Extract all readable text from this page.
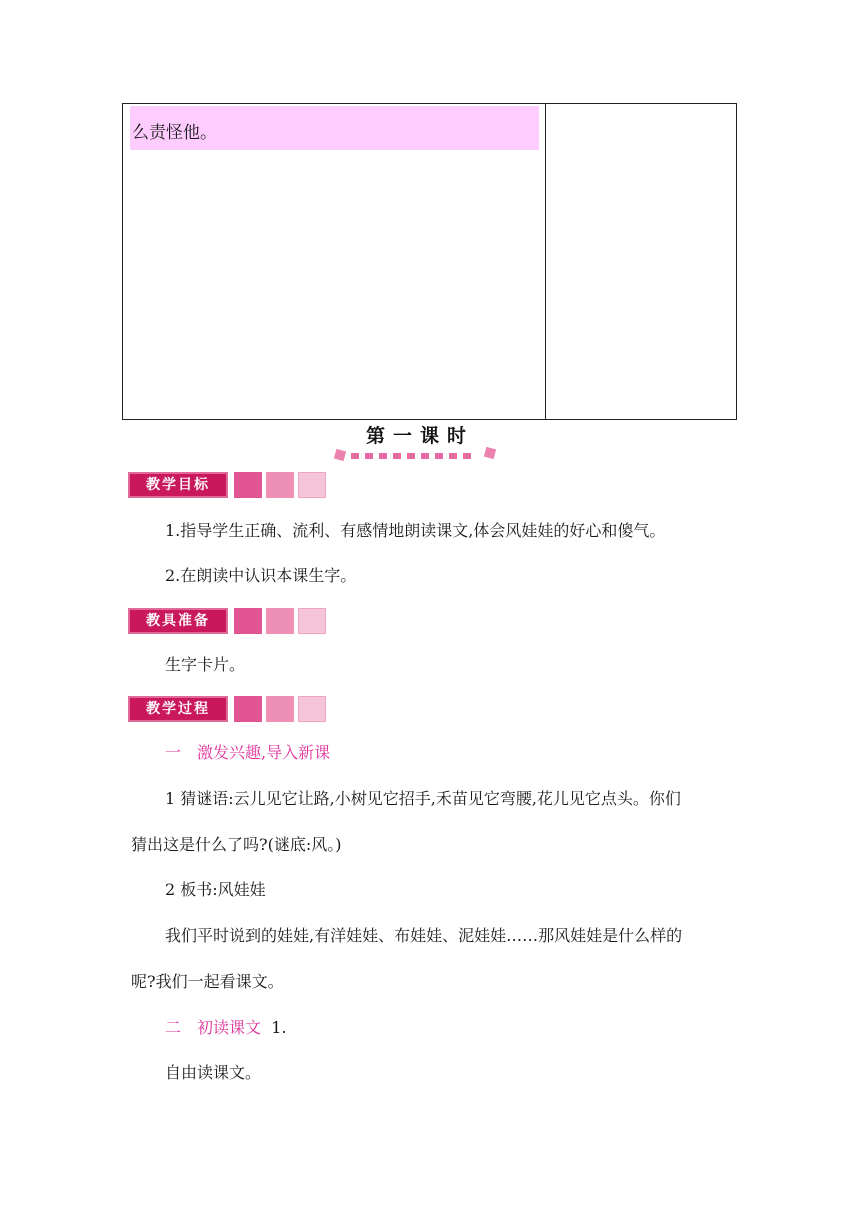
么责怪他。
第一课时
教学目标
1.指导学生正确、流利、有感情地朗读课文,体会风娃娃的好心和傻气。
2.在朗读中认识本课生字。
教具准备
生字卡片。
教学过程
一　激发兴趣,导入新课
1 猜谜语:云儿见它让路,小树见它招手,禾苗见它弯腰,花儿见它点头。你们
猜出这是什么了吗?(谜底:风。)
2 板书:风娃娃
我们平时说到的娃娃,有洋娃娃、布娃娃、泥娃娃……那风娃娃是什么样的
呢?我们一起看课文。
二　初读课文 1.
自由读课文。
